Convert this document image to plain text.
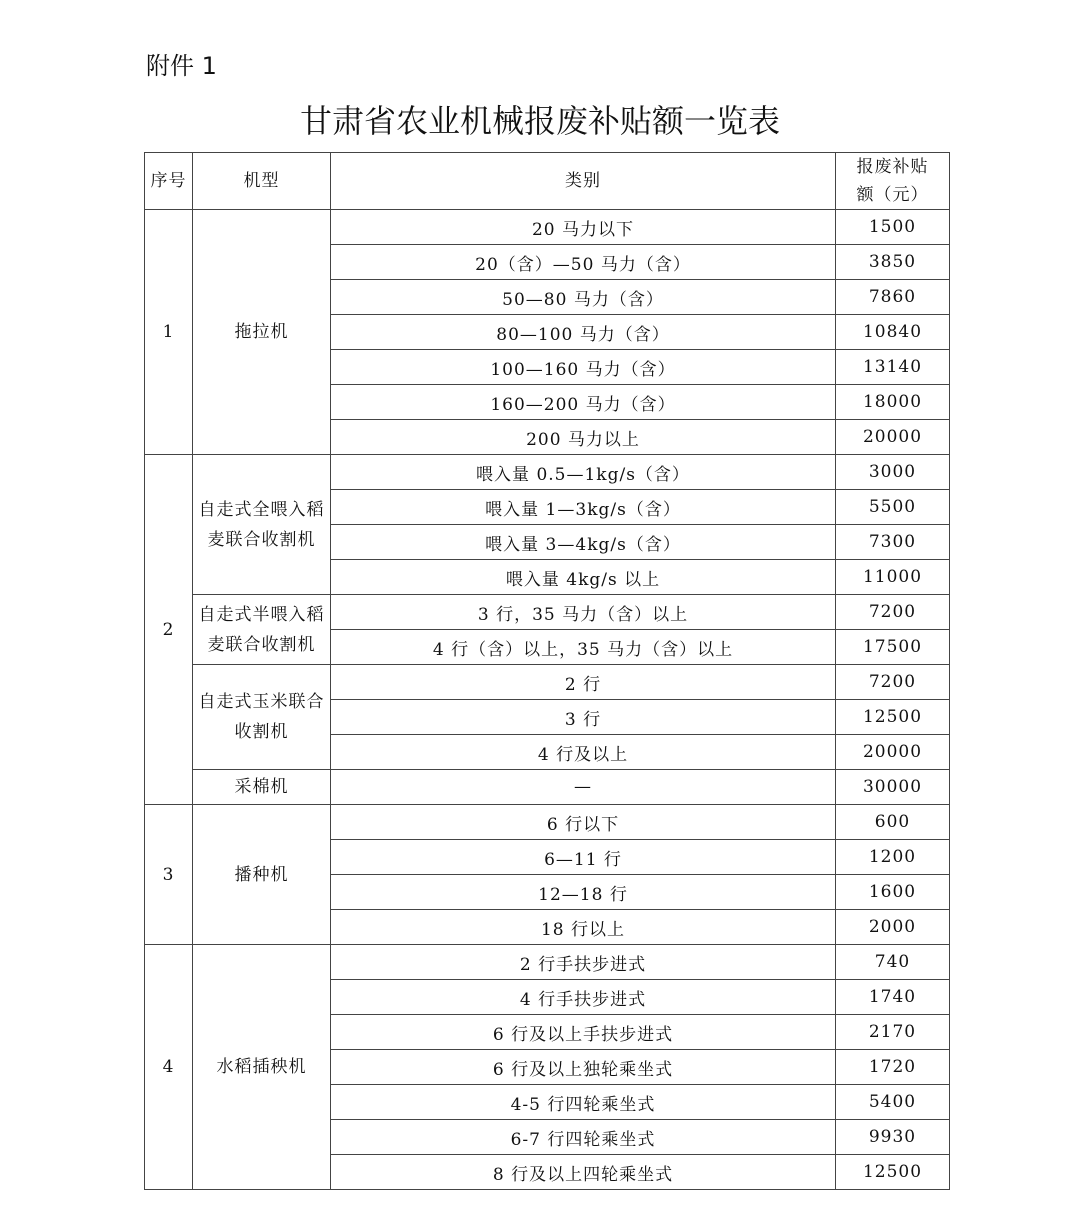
附件 1
甘肃省农业机械报废补贴额一览表
序号	机型	类别	报废补贴额（元）

1	拖拉机	20 马力以下	1500
		20（含）—50 马力（含）	3850
		50—80 马力（含）	7860
		80—100 马力（含）	10840
		100—160 马力（含）	13140
		160—200 马力（含）	18000
		200 马力以上	20000
2	自走式全喂入稻麦联合收割机	喂入量 0.5—1kg/s（含）	3000
		喂入量 1—3kg/s（含）	5500
		喂入量 3—4kg/s（含）	7300
		喂入量 4kg/s 以上	11000
	自走式半喂入稻麦联合收割机	3 行，35 马力（含）以上	7200
		4 行（含）以上，35 马力（含）以上	17500
	自走式玉米联合收割机	2 行	7200
		3 行	12500
		4 行及以上	20000
	采棉机	—	30000
3	播种机	6 行以下	600
		6—11 行	1200
		12—18 行	1600
		18 行以上	2000
4	水稻插秧机	2 行手扶步进式	740
		4 行手扶步进式	1740
		6 行及以上手扶步进式	2170
		6 行及以上独轮乘坐式	1720
		4-5 行四轮乘坐式	5400
		6-7 行四轮乘坐式	9930
		8 行及以上四轮乘坐式	12500
